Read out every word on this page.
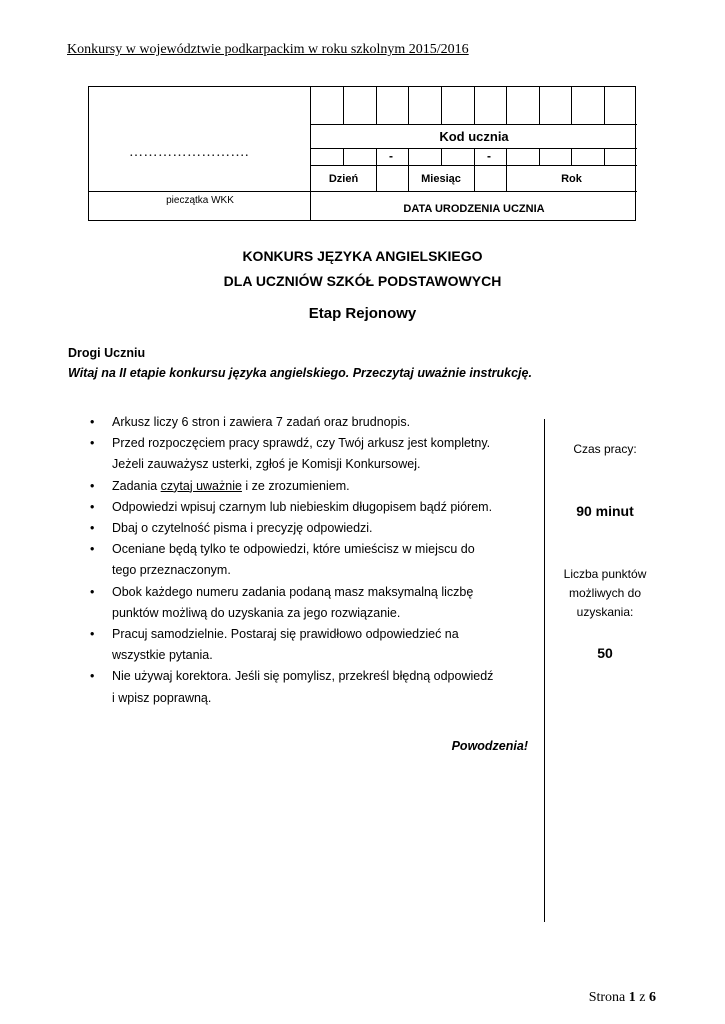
Konkursy w województwie podkarpackim w roku szkolnym 2015/2016
…………………….
pieczątka WKK
Kod ucznia
-	-
Dzień	Miesiąc	Rok
DATA URODZENIA UCZNIA
KONKURS JĘZYKA ANGIELSKIEGO
DLA UCZNIÓW SZKÓŁ PODSTAWOWYCH
Etap Rejonowy
Drogi Uczniu
Witaj na II etapie konkursu języka angielskiego. Przeczytaj uważnie instrukcję.
• Arkusz liczy 6 stron i zawiera 7 zadań oraz brudnopis.
• Przed rozpoczęciem pracy sprawdź, czy Twój arkusz jest kompletny.
Jeżeli zauważysz usterki, zgłoś je Komisji Konkursowej.
• Zadania czytaj uważnie i ze zrozumieniem.
• Odpowiedzi wpisuj czarnym lub niebieskim długopisem bądź piórem.
• Dbaj o czytelność pisma i precyzję odpowiedzi.
• Oceniane będą tylko te odpowiedzi, które umieścisz w miejscu do
tego przeznaczonym.
• Obok każdego numeru zadania podaną masz maksymalną liczbę
punktów możliwą do uzyskania za jego rozwiązanie.
• Pracuj samodzielnie. Postaraj się prawidłowo odpowiedzieć na
wszystkie pytania.
• Nie używaj korektora. Jeśli się pomylisz, przekreśl błędną odpowiedź
i wpisz poprawną.
Powodzenia!
Czas pracy:
90 minut
Liczba punktów
możliwych do
uzyskania:
50
Strona 1 z 6
